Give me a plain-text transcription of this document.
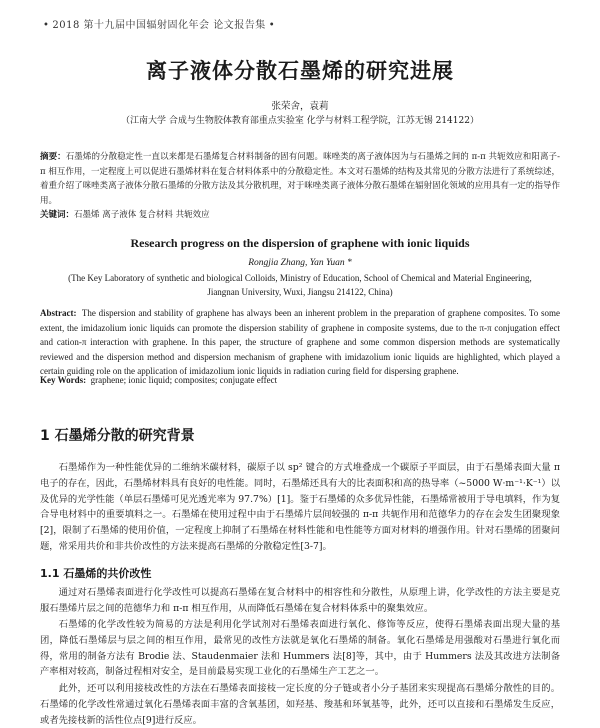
• 2018 第十九届中国辐射固化年会 论文报告集 •
离子液体分散石墨烯的研究进展
张荣舍，袁莉
（江南大学 合成与生物胶体教育部重点实验室 化学与材料工程学院，江苏无锡 214122）
摘要：石墨烯的分散稳定性一直以来都是石墨烯复合材料制备的固有问题。咪唑类的离子液体因为与石墨烯之间的 π-π 共轭效应和阳离子-π 相互作用，一定程度上可以促进石墨烯材料在复合材料体系中的分散稳定性。本文对石墨烯的结构及其常见的分散方法进行了系统综述，着重介绍了咪唑类离子液体分散石墨烯的分散方法及其分散机理，对于咪唑类离子液体分散石墨烯在辐射固化领域的应用具有一定的指导作用。
关键词：石墨烯 离子液体 复合材料 共轭效应
Research progress on the dispersion of graphene with ionic liquids
Rongjia Zhang, Yan Yuan *
(The Key Laboratory of synthetic and biological Colloids, Ministry of Education, School of Chemical and Material Engineering, Jiangnan University, Wuxi, Jiangsu 214122, China)
Abstract: The dispersion and stability of graphene has always been an inherent problem in the preparation of graphene composites. To some extent, the imidazolium ionic liquids can promote the dispersion stability of graphene in composite systems, due to the π-π conjugation effect and cation-π interaction with graphene. In this paper, the structure of graphene and some common dispersion methods are systematically reviewed and the dispersion method and dispersion mechanism of graphene with imidazolium ionic liquids are highlighted, which played a certain guiding role on the application of imidazolium ionic liquids in radiation curing field for dispersing graphene.
Key Words: graphene; ionic liquid; composites; conjugate effect
1 石墨烯分散的研究背景

石墨烯作为一种性能优异的二维纳米碳材料，碳原子以 sp² 键合的方式堆叠成一个碳原子平面层，由于石墨烯表面大量 π 电子的存在，因此，石墨烯材料具有良好的电性能。同时，石墨烯还具有大的比表面积和高的热导率（~5000 W·m⁻¹·K⁻¹）以及优异的光学性能（单层石墨烯可见光透光率为 97.7%）[1]。鉴于石墨烯的众多优异性能，石墨烯常被用于导电填料，作为复合导电材料中的重要填料之一。石墨烯在使用过程中由于石墨烯片层间较强的 π-π 共轭作用和范德华力的存在会发生团聚现象[2]，限制了石墨烯的使用价值，一定程度上抑制了石墨烯在材料性能和电性能等方面对材料的增强作用。针对石墨烯的团聚问题，常采用共价和非共价改性的方法来提高石墨烯的分散稳定性[3-7]。

1.1 石墨烯的共价改性

通过对石墨烯表面进行化学改性可以提高石墨烯在复合材料中的相容性和分散性，从原理上讲，化学改性的方法主要是克服石墨烯片层之间的范德华力和 π-π 相互作用，从而降低石墨烯在复合材料体系中的聚集效应。

石墨烯的化学改性较为简易的方法是利用化学试剂对石墨烯表面进行氧化、修饰等反应，使得石墨烯表面出现大量的基团，降低石墨烯层与层之间的相互作用，最常见的改性方法就是氧化石墨烯的制备。氧化石墨烯是用强酸对石墨进行氧化而得，常用的制备方法有 Brodie 法、Staudenmaier 法和 Hummers 法[8]等，其中，由于 Hummers 法及其改进方法制备产率相对较高，制备过程相对安全，是目前最易实现工业化的石墨烯生产工艺之一。

此外，还可以利用接枝改性的方法在石墨烯表面接枝一定长度的分子链或者小分子基团来实现提高石墨烯分散性的目的。石墨烯的化学改性常通过氧化石墨烯表面丰富的含氧基团，如羟基、羧基和环氧基等，此外，还可以直接和石墨烯发生反应，或者先接枝新的活性位点[9]进行反应。
